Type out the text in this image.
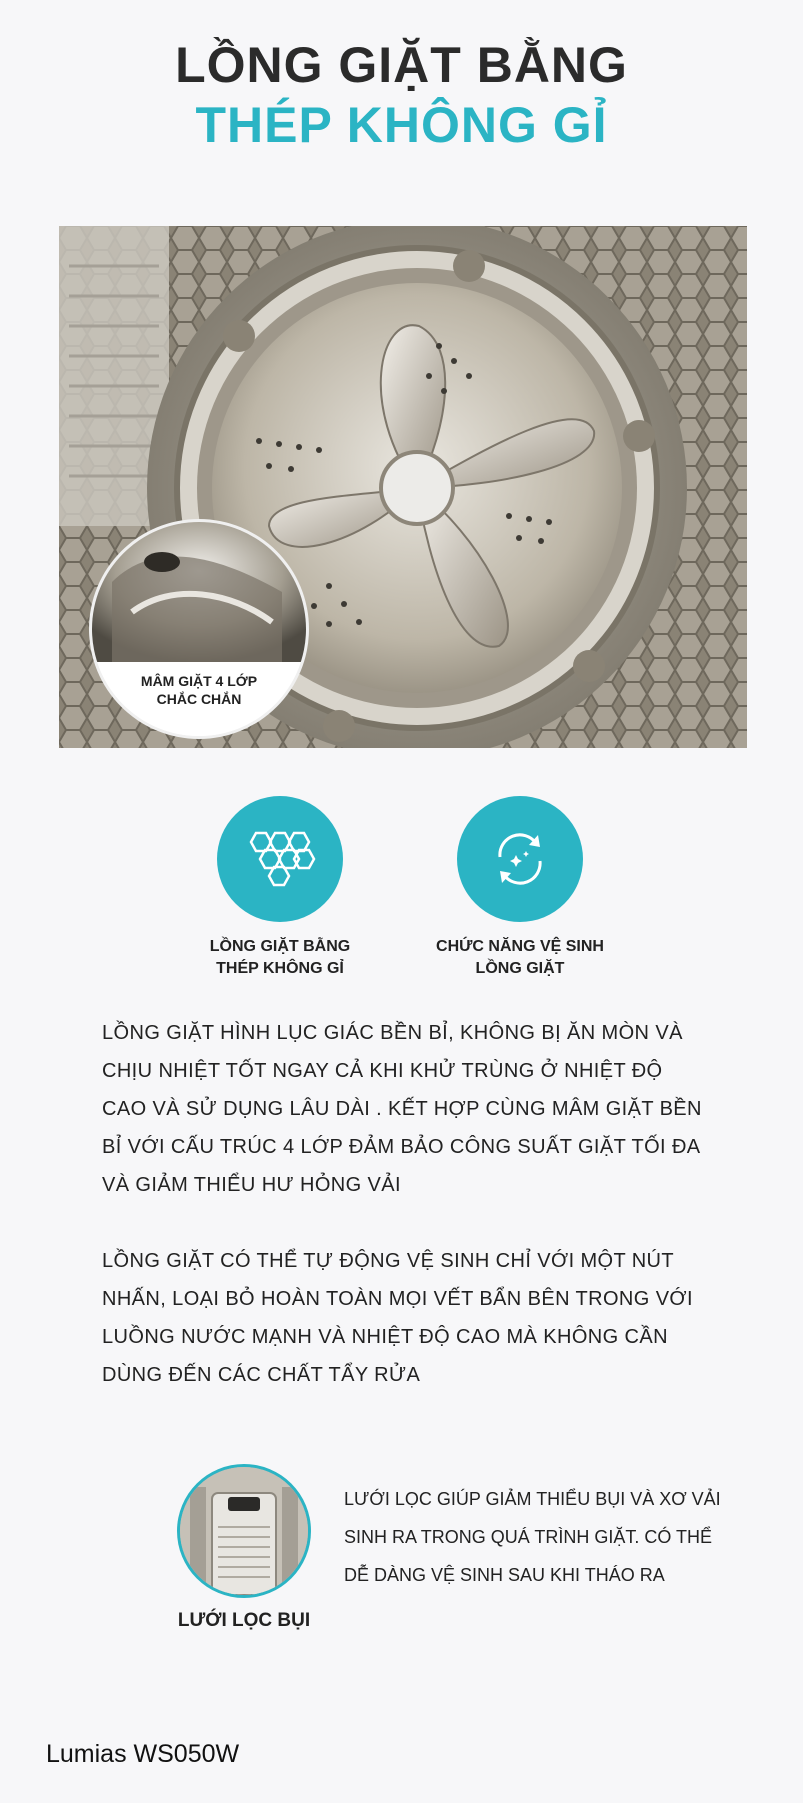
LỒNG GIẶT BẰNG
THÉP KHÔNG GỈ
MÂM GIẶT 4 LỚP
CHẮC CHẮN
LỒNG GIẶT BẰNG
THÉP KHÔNG GỈ
CHỨC NĂNG VỆ SINH
LỒNG GIẶT

LỒNG GIẶT HÌNH LỤC GIÁC BỀN BỈ, KHÔNG BỊ ĂN MÒN VÀ CHỊU NHIỆT TỐT NGAY CẢ KHI KHỬ TRÙNG Ở NHIỆT ĐỘ CAO VÀ SỬ DỤNG LÂU DÀI . KẾT HỢP CÙNG MÂM GIẶT BỀN BỈ VỚI CẤU TRÚC 4 LỚP ĐẢM BẢO CÔNG SUẤT GIẶT TỐI ĐA VÀ GIẢM THIỂU HƯ HỎNG VẢI

LỒNG GIẶT CÓ THỂ TỰ ĐỘNG VỆ SINH CHỈ VỚI MỘT NÚT NHẤN, LOẠI BỎ HOÀN TOÀN MỌI VẾT BẨN BÊN TRONG VỚI LUỒNG NƯỚC MẠNH VÀ NHIỆT ĐỘ CAO MÀ KHÔNG CẦN DÙNG ĐẾN CÁC CHẤT TẨY RỬA

LƯỚI LỌC BỤI

LƯỚI LỌC GIÚP GIẢM THIỂU BỤI VÀ XƠ VẢI SINH RA TRONG QUÁ TRÌNH GIẶT. CÓ THỂ DỄ DÀNG VỆ SINH SAU KHI THÁO RA

Lumias WS050W
